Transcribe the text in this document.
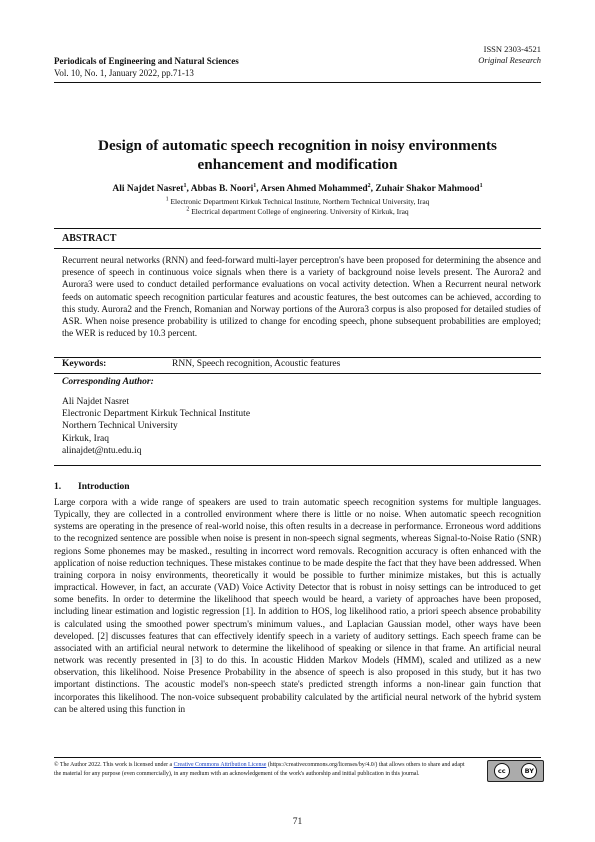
ISSN 2303-4521
Original Research
Periodicals of Engineering and Natural Sciences
Vol. 10, No. 1, January 2022, pp.71-13
Design of automatic speech recognition in noisy environments enhancement and modification
Ali Najdet Nasret$^1$, Abbas B. Noori$^1$, Arsen Ahmed Mohammed$^2$, Zuhair Shakor Mahmood$^1$
$^1$ Electronic Department Kirkuk Technical Institute, Northern Technical University, Iraq
$^2$ Electrical department College of engineering. University of Kirkuk, Iraq
ABSTRACT
Recurrent neural networks (RNN) and feed-forward multi-layer perceptron's have been proposed for determining the absence and presence of speech in continuous voice signals when there is a variety of background noise levels present. The Aurora2 and Aurora3 were used to conduct detailed performance evaluations on vocal activity detection. When a Recurrent neural network feeds on automatic speech recognition particular features and acoustic features, the best outcomes can be achieved, according to this study. Aurora2 and the French, Romanian and Norway portions of the Aurora3 corpus is also proposed for detailed studies of ASR. When noise presence probability is utilized to change for encoding speech, phone subsequent probabilities are employed; the WER is reduced by 10.3 percent.
Keywords:	RNN, Speech recognition, Acoustic features
Corresponding Author:
Ali Najdet Nasret
Electronic Department Kirkuk Technical Institute
Northern Technical University
Kirkuk, Iraq
alinajdet@ntu.edu.iq
1. Introduction
Large corpora with a wide range of speakers are used to train automatic speech recognition systems for multiple languages. Typically, they are collected in a controlled environment where there is little or no noise. When automatic speech recognition systems are operating in the presence of real-world noise, this often results in a decrease in performance. Erroneous word additions to the recognized sentence are possible when noise is present in non-speech signal segments, whereas Signal-to-Noise Ratio (SNR) regions Some phonemes may be masked., resulting in incorrect word removals. Recognition accuracy is often enhanced with the application of noise reduction techniques. These mistakes continue to be made despite the fact that they have been addressed. When training corpora in noisy environments, theoretically it would be possible to further minimize mistakes, but this is actually impractical. However, in fact, an accurate (VAD) Voice Activity Detector that is robust in noisy settings can be introduced to get some benefits. In order to determine the likelihood that speech would be heard, a variety of approaches have been proposed, including linear estimation and logistic regression [1]. In addition to HOS, log likelihood ratio, a priori speech absence probability is calculated using the smoothed power spectrum's minimum values., and Laplacian Gaussian model, other ways have been developed. [2] discusses features that can effectively identify speech in a variety of auditory settings. Each speech frame can be associated with an artificial neural network to determine the likelihood of speaking or silence in that frame. An artificial neural network was recently presented in [3] to do this. In acoustic Hidden Markov Models (HMM), scaled and utilized as a new observation, this likelihood. Noise Presence Probability in the absence of speech is also proposed in this study, but it has two important distinctions. The acoustic model's non-speech state's predicted strength informs a non-linear gain function that incorporates this likelihood. The non-voice subsequent probability calculated by the artificial neural network of the hybrid system can be altered using this function in
© The Author 2022. This work is licensed under a Creative Commons Attribution License (https://creativecommons.org/licenses/by/4.0/) that allows others to share and adapt the material for any purpose (even commercially), in any medium with an acknowledgement of the work's authorship and initial publication in this journal.	cc	BY
71
